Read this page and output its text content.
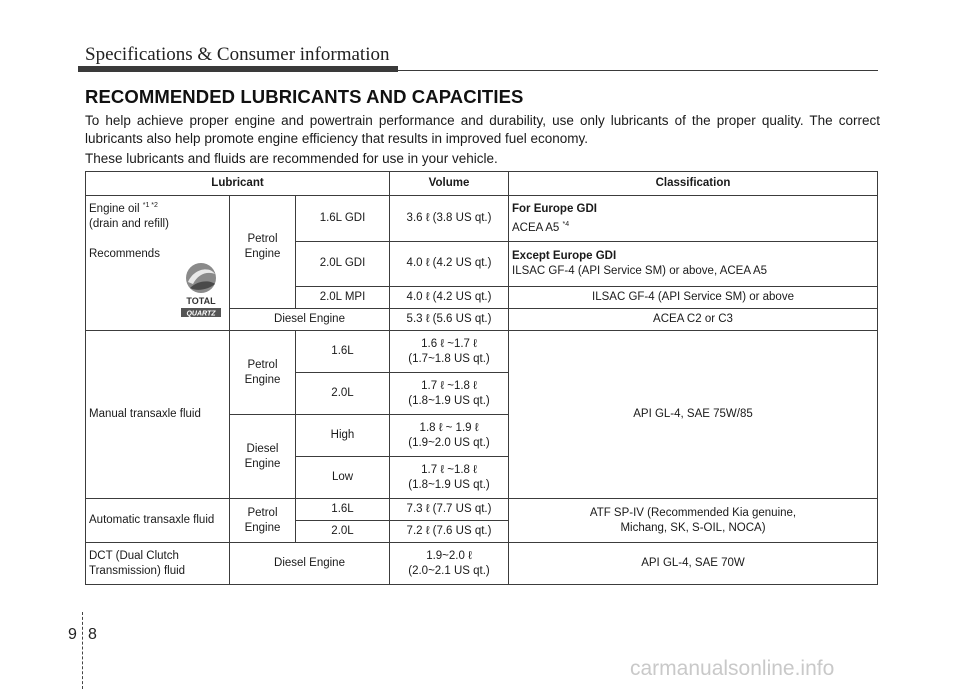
Specifications & Consumer information
RECOMMENDED LUBRICANTS AND CAPACITIES
To help achieve proper engine and powertrain performance and durability, use only lubricants of the proper quality. The correct lubricants also help promote engine efficiency that results in improved fuel economy.
These lubricants and fluids are recommended for use in your vehicle.
Lubricant			Volume	Classification
Engine oil $^{*1 *2}$
(drain and refill)

Recommends	Petrol Engine	1.6L GDI	3.6 ℓ (3.8 US qt.)	For Europe GDI
ACEA A5 $^{*4}$
		2.0L GDI	4.0 ℓ (4.2 US qt.)	Except Europe GDI
ILSAC GF-4 (API Service SM) or above, ACEA A5
		2.0L MPI	4.0 ℓ (4.2 US qt.)	ILSAC GF-4 (API Service SM) or above
	Diesel Engine		5.3 ℓ (5.6 US qt.)	ACEA C2 or C3
Manual transaxle fluid	Petrol Engine	1.6L	1.6 ℓ ~1.7 ℓ
(1.7~1.8 US qt.)	API GL-4, SAE 75W/85
		2.0L	1.7 ℓ ~1.8 ℓ
(1.8~1.9 US qt.)	
	Diesel Engine	High	1.8 ℓ ~ 1.9 ℓ
(1.9~2.0 US qt.)	
		Low	1.7 ℓ ~1.8 ℓ
(1.8~1.9 US qt.)	
Automatic transaxle fluid	Petrol Engine	1.6L	7.3 ℓ (7.7 US qt.)	ATF SP-IV (Recommended Kia genuine,
Michang, SK, S-OIL, NOCA)
		2.0L	7.2 ℓ (7.6 US qt.)	
DCT (Dual Clutch Transmission) fluid	Diesel Engine		1.9~2.0 ℓ
(2.0~2.1 US qt.)	API GL-4, SAE 70W
TOTAL
QUARTZ
9 8
carmanualsonline.info
